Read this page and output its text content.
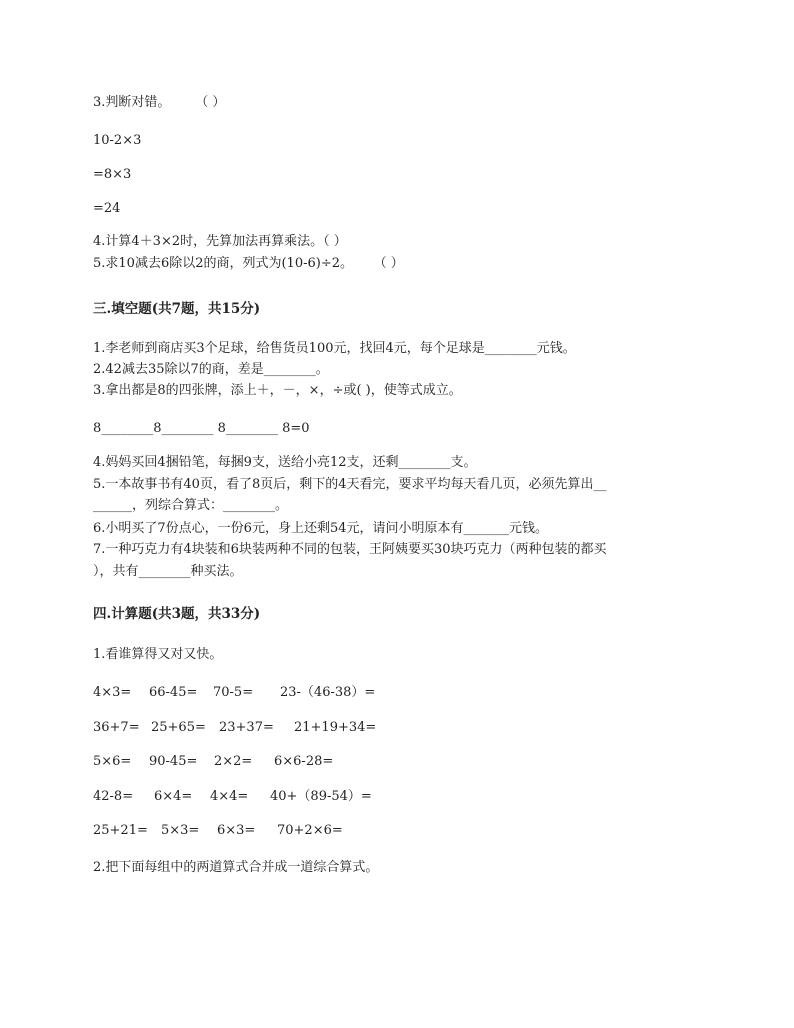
3.判断对错。      （ ）
10-2×3
=8×3
=24
4.计算4＋3×2时，先算加法再算乘法。（ ）
5.求10减去6除以2的商，列式为(10-6)÷2。     （ ）
三.填空题(共7题，共15分)
1.李老师到商店买3个足球，给售货员100元，找回4元，每个足球是________元钱。
2.42减去35除以7的商，差是________。
3.拿出都是8的四张牌，添上＋，－，×，÷或( )，使等式成立。
8________8________ 8________ 8=0
4.妈妈买回4捆铅笔，每捆9支，送给小亮12支，还剩________支。
5.一本故事书有40页，看了8页后，剩下的4天看完，要求平均每天看几页，必须先算出__
______，列综合算式：________。
6.小明买了7份点心，一份6元，身上还剩54元，请问小明原本有_______元钱。
7.一种巧克力有4块装和6块装两种不同的包装，王阿姨要买30块巧克力（两种包装的都买
），共有________种买法。
四.计算题(共3题，共33分)
1.看谁算得又对又快。
4×3= 66-45= 70-5= 23-（46-38）=
36+7= 25+65= 23+37= 21+19+34=
5×6= 90-45= 2×2= 6×6-28=
42-8= 6×4= 4×4= 40+（89-54）=
25+21= 5×3= 6×3= 70+2×6=
2.把下面每组中的两道算式合并成一道综合算式。
